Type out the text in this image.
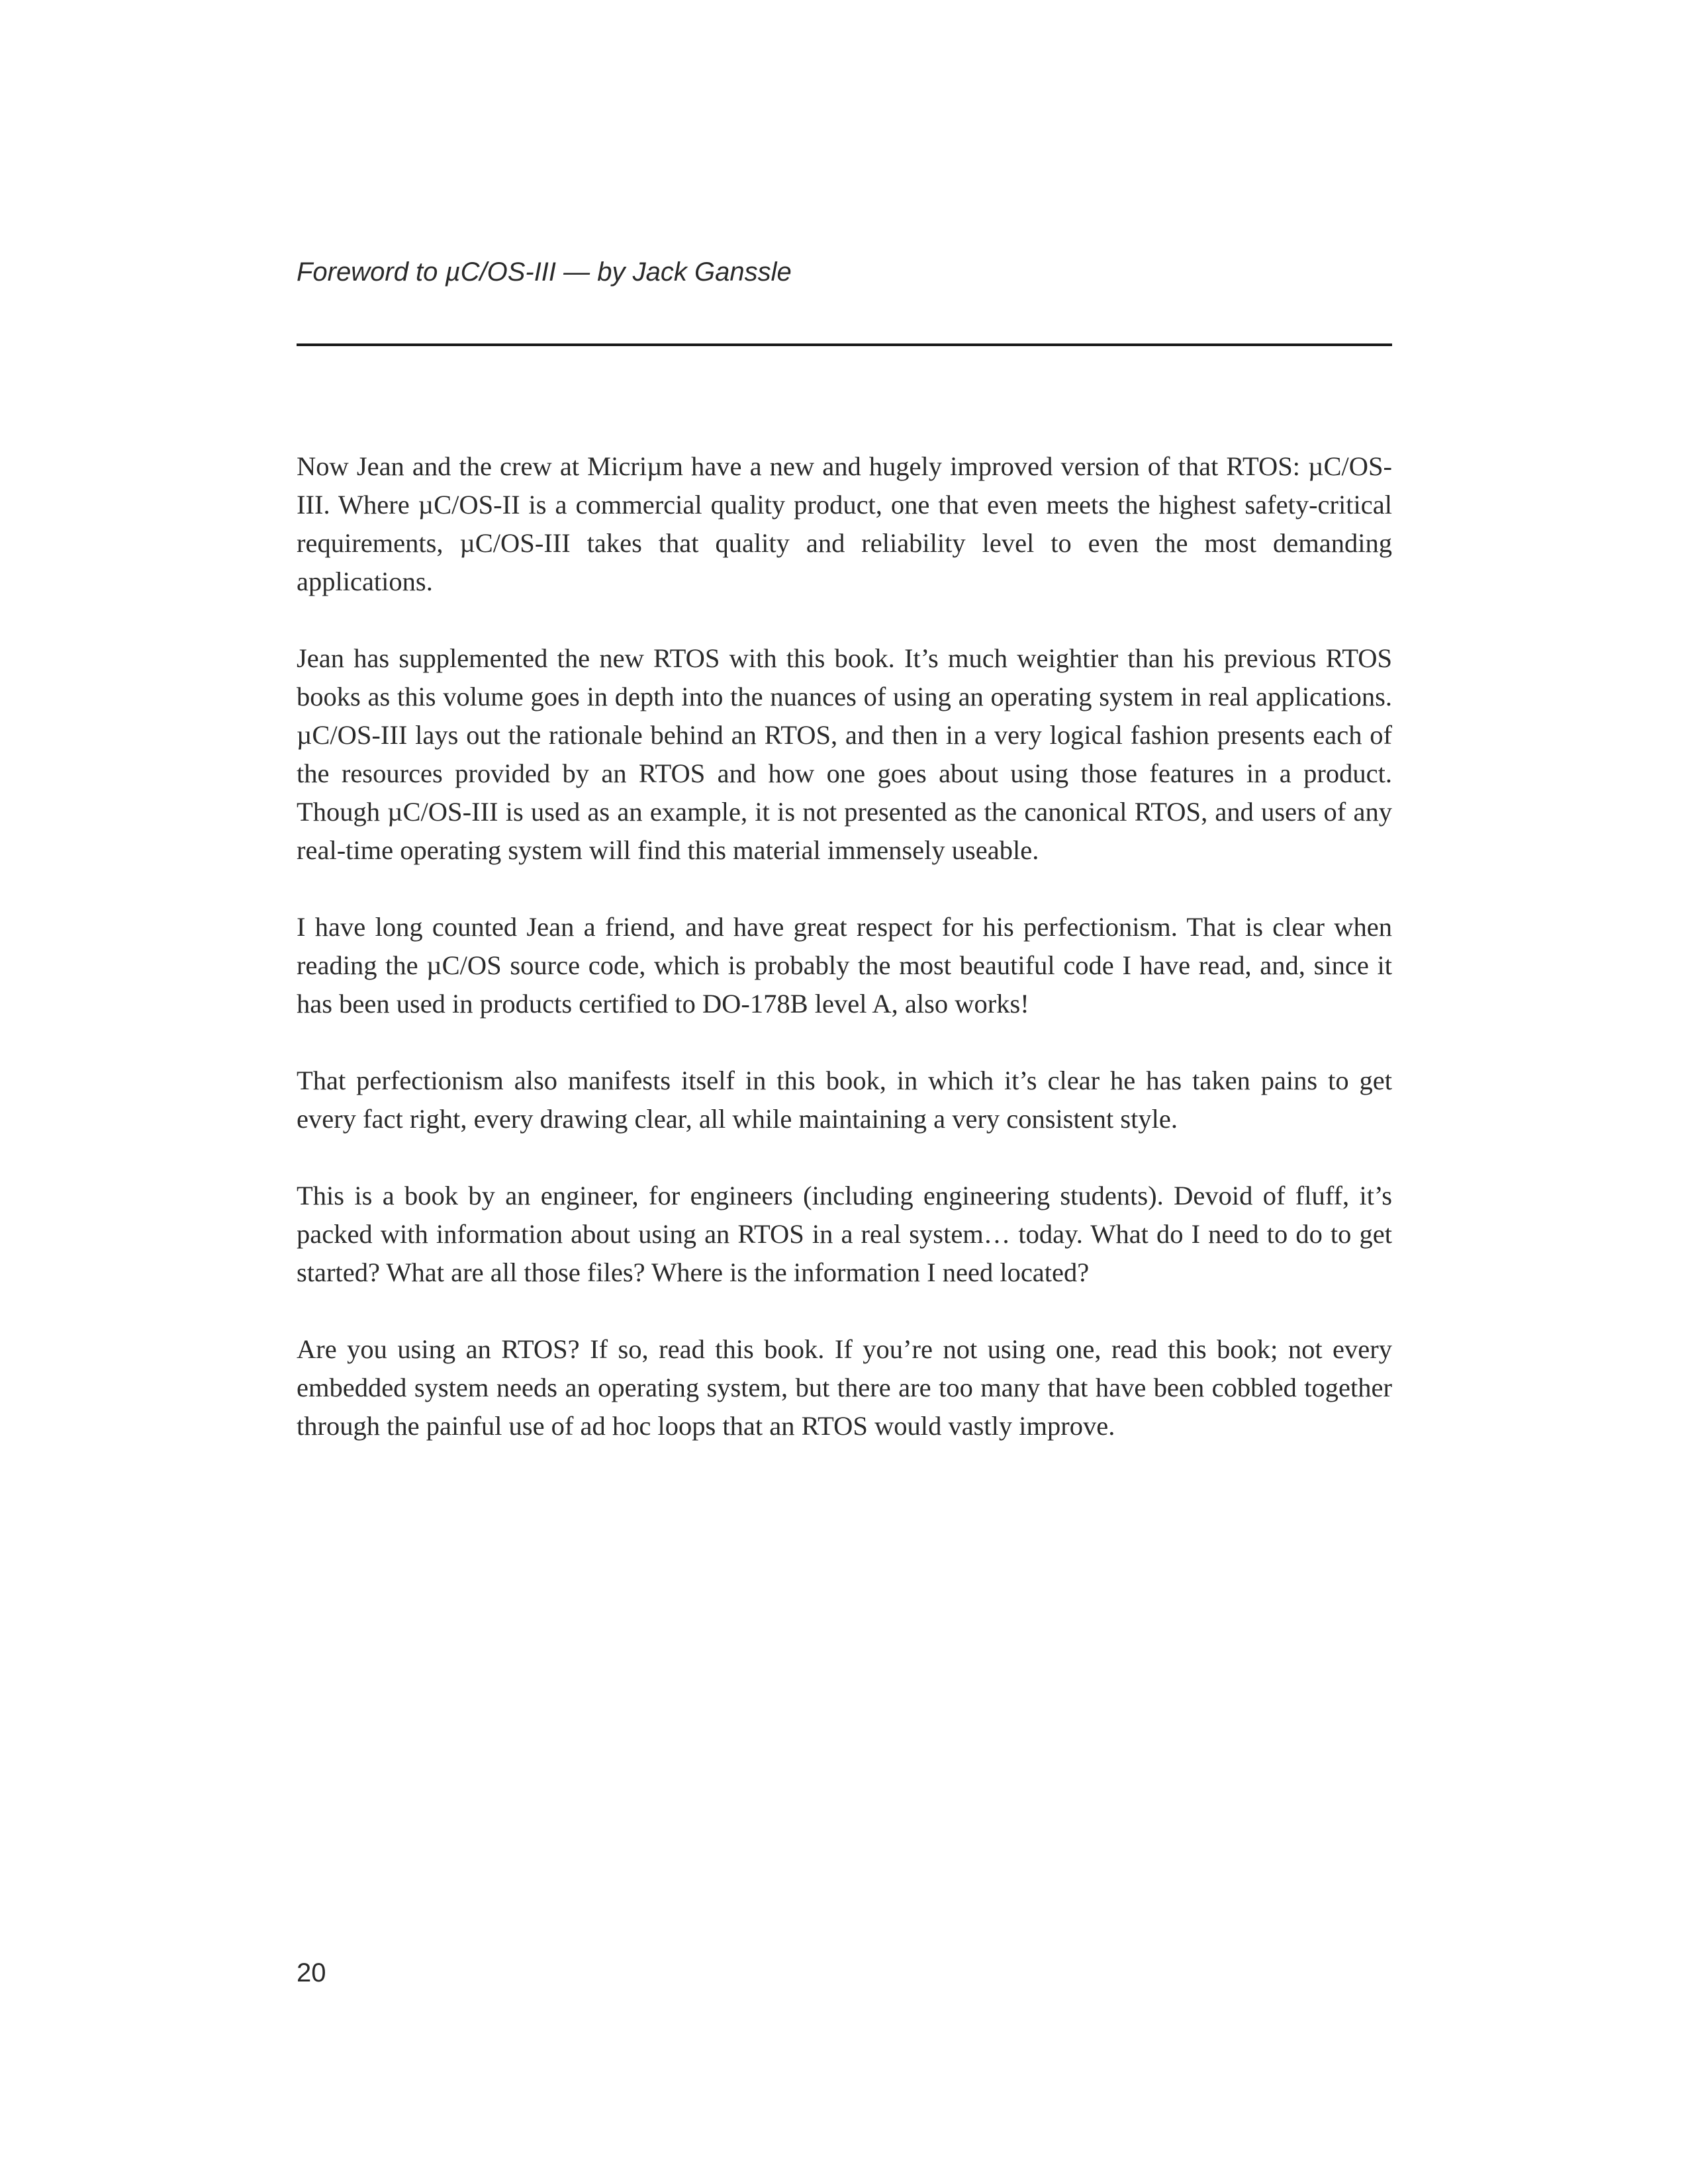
Foreword to µC/OS-III — by Jack Ganssle

Now Jean and the crew at Micriµm have a new and hugely improved version of that RTOS: µC/OS-III. Where µC/OS-II is a commercial quality product, one that even meets the highest safety-critical requirements, µC/OS-III takes that quality and reliability level to even the most demanding applications.

Jean has supplemented the new RTOS with this book. It’s much weightier than his previous RTOS books as this volume goes in depth into the nuances of using an operating system in real applications. µC/OS-III lays out the rationale behind an RTOS, and then in a very logical fashion presents each of the resources provided by an RTOS and how one goes about using those features in a product. Though µC/OS-III is used as an example, it is not presented as the canonical RTOS, and users of any real-time operating system will find this material immensely useable.

I have long counted Jean a friend, and have great respect for his perfectionism. That is clear when reading the µC/OS source code, which is probably the most beautiful code I have read, and, since it has been used in products certified to DO-178B level A, also works!

That perfectionism also manifests itself in this book, in which it’s clear he has taken pains to get every fact right, every drawing clear, all while maintaining a very consistent style.

This is a book by an engineer, for engineers (including engineering students). Devoid of fluff, it’s packed with information about using an RTOS in a real system… today. What do I need to do to get started? What are all those files? Where is the information I need located?

Are you using an RTOS? If so, read this book. If you’re not using one, read this book; not every embedded system needs an operating system, but there are too many that have been cobbled together through the painful use of ad hoc loops that an RTOS would vastly improve.

20
